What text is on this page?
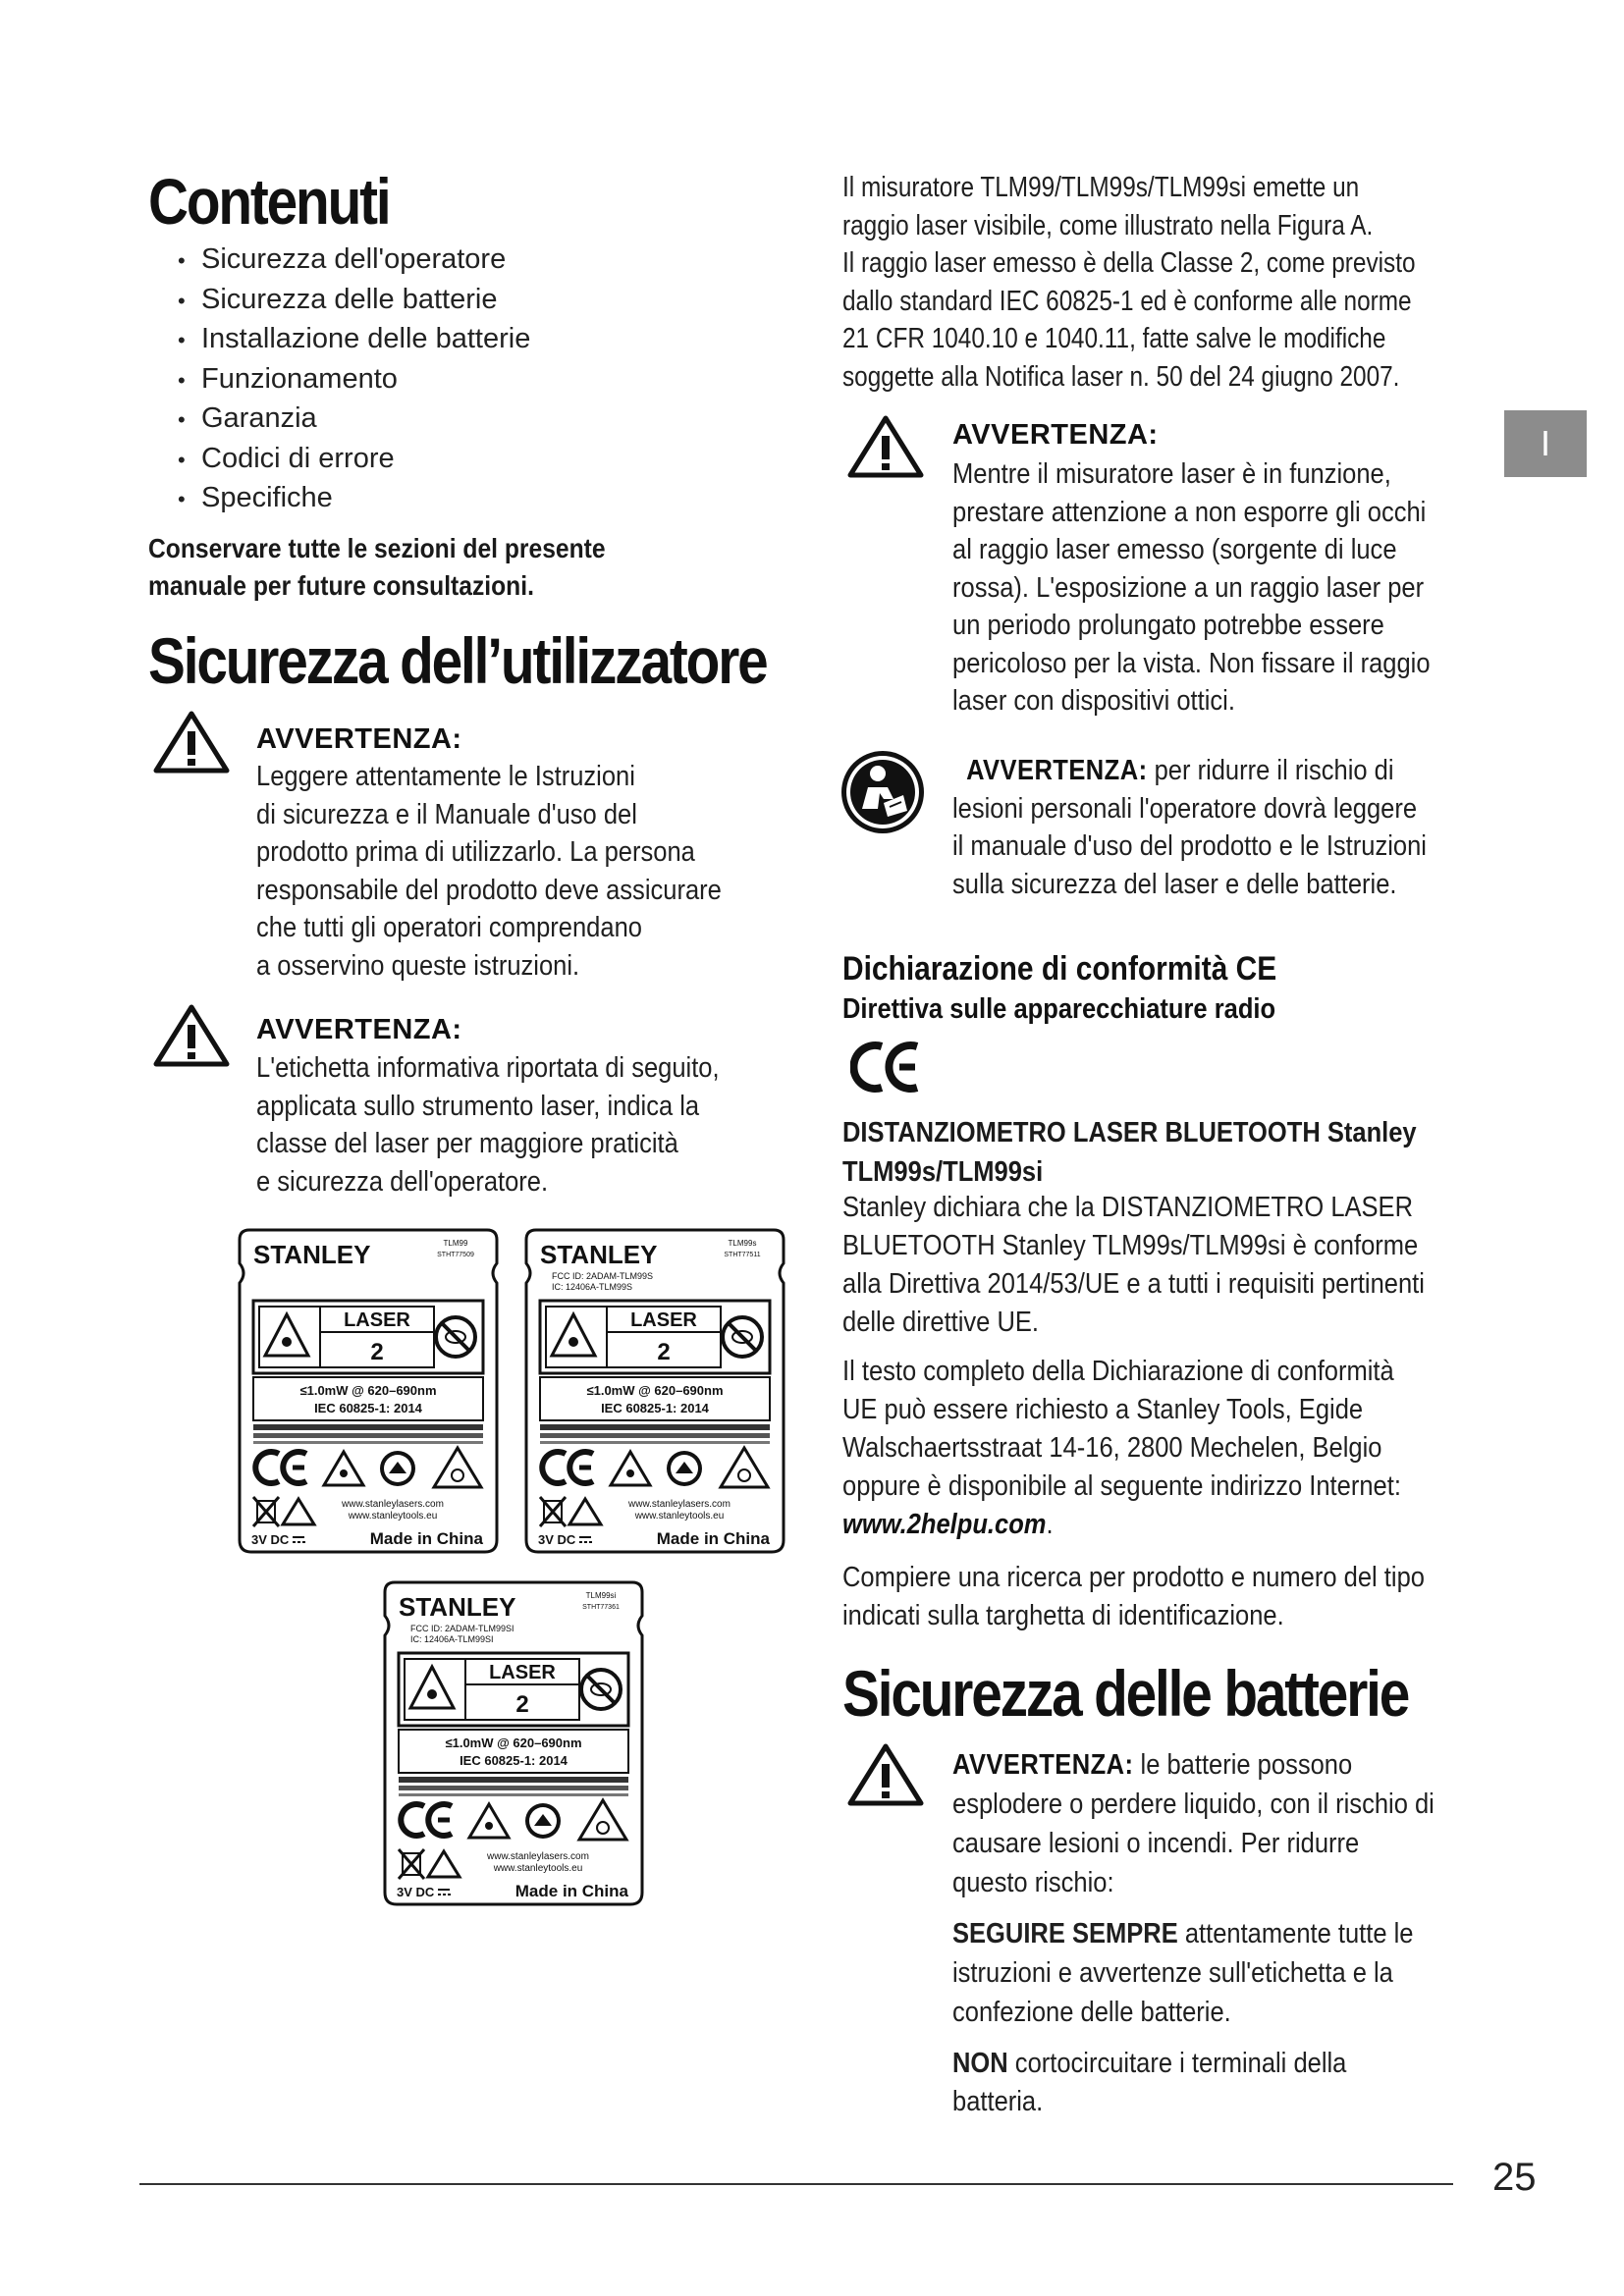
Contenuti
• Sicurezza dell'operatore
• Sicurezza delle batterie
• Installazione delle batterie
• Funzionamento
• Garanzia
• Codici di errore
• Specifiche
Conservare tutte le sezioni del presente
manuale per future consultazioni.
Sicurezza dell’utilizzatore
AVVERTENZA:
Leggere attentamente le Istruzioni
di sicurezza e il Manuale d'uso del
prodotto prima di utilizzarlo. La persona
responsabile del prodotto deve assicurare
che tutti gli operatori comprendano
a osservino queste istruzioni.
AVVERTENZA:
L'etichetta informativa riportata di seguito,
applicata sullo strumento laser, indica la
classe del laser per maggiore praticità
e sicurezza dell'operatore.
STANLEY	TLM99
STHT77509
LASER
2
≤1.0mW @ 620–690nm
IEC 60825-1: 2014
www.stanleylasers.com
www.stanleytools.eu
3V DC	Made in China
STANLEY	TLM99s
STHT77511
FCC ID: 2ADAM-TLM99S
IC: 12406A-TLM99S
LASER
2
≤1.0mW @ 620–690nm
IEC 60825-1: 2014
www.stanleylasers.com
www.stanleytools.eu
3V DC	Made in China
STANLEY	TLM99si
STHT77361
FCC ID: 2ADAM-TLM99SI
IC: 12406A-TLM99SI
LASER
2
≤1.0mW @ 620–690nm
IEC 60825-1: 2014
www.stanleylasers.com
www.stanleytools.eu
3V DC	Made in China
Il misuratore TLM99/TLM99s/TLM99si emette un
raggio laser visibile, come illustrato nella Figura A.
Il raggio laser emesso è della Classe 2, come previsto
dallo standard IEC 60825-1 ed è conforme alle norme
21 CFR 1040.10 e 1040.11, fatte salve le modifiche
soggette alla Notifica laser n. 50 del 24 giugno 2007.
AVVERTENZA:
Mentre il misuratore laser è in funzione,
prestare attenzione a non esporre gli occhi
al raggio laser emesso (sorgente di luce
rossa). L'esposizione a un raggio laser per
un periodo prolungato potrebbe essere
pericoloso per la vista. Non fissare il raggio
laser con dispositivi ottici.
AVVERTENZA: per ridurre il rischio di
lesioni personali l'operatore dovrà leggere
il manuale d'uso del prodotto e le Istruzioni
sulla sicurezza del laser e delle batterie.
Dichiarazione di conformità CE
Direttiva sulle apparecchiature radio
DISTANZIOMETRO LASER BLUETOOTH Stanley
TLM99s/TLM99si
Stanley dichiara che la DISTANZIOMETRO LASER
BLUETOOTH Stanley TLM99s/TLM99si è conforme
alla Direttiva 2014/53/UE e a tutti i requisiti pertinenti
delle direttive UE.
Il testo completo della Dichiarazione di conformità
UE può essere richiesto a Stanley Tools, Egide
Walschaertsstraat 14-16, 2800 Mechelen, Belgio
oppure è disponibile al seguente indirizzo Internet:
www.2helpu.com.
Compiere una ricerca per prodotto e numero del tipo
indicati sulla targhetta di identificazione.
Sicurezza delle batterie
AVVERTENZA: le batterie possono
esplodere o perdere liquido, con il rischio di
causare lesioni o incendi. Per ridurre
questo rischio:
SEGUIRE SEMPRE attentamente tutte le
istruzioni e avvertenze sull'etichetta e la
confezione delle batterie.
NON cortocircuitare i terminali della
batteria.
I
25
